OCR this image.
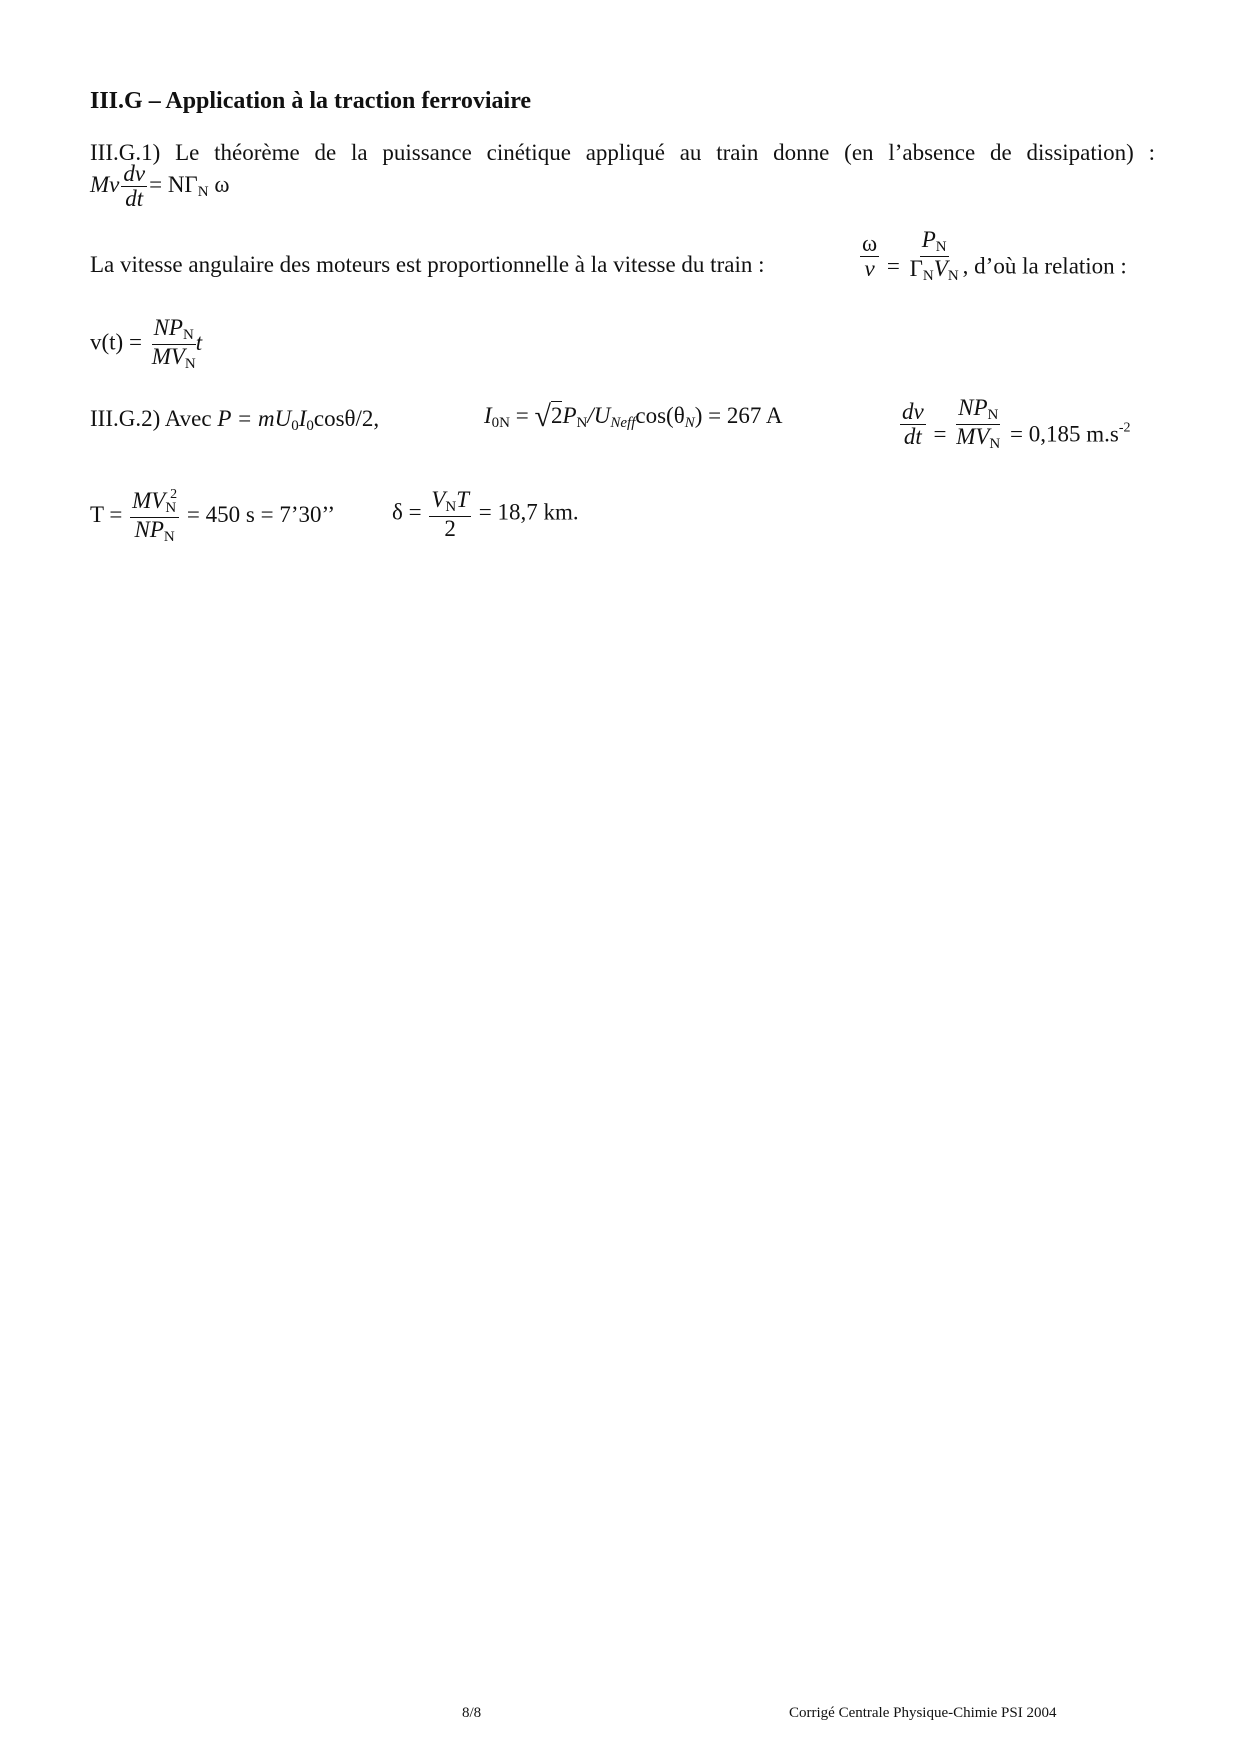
III.G – Application à la traction ferroviaire
III.G.1) Le théorème de la puissance cinétique appliqué au train donne (en l’absence de dissipation) :
Mv $\frac{dv}{dt} = N\Gamma_N$ ω
La vitesse angulaire des moteurs est proportionnelle à la vitesse du train :	$\frac{\omega}{v} = \frac{P_N}{\Gamma_NV_N}$ , d’où la relation :
$v(t) = \frac{NP_N}{MV_N}$
t
III.G.2) Avec $P = mU_0I_0\cos\theta/2$,	$I_{0N} = √2P_N/U_{Neff}\cos(\theta_N) = 267$ A	$\frac{dv}{dt} = \frac{NP_N}{MV_N} = 0,185$ $m.s^{-2}$
$T = \frac{MV_N^2}{NP_N} = 450$ s = 7’30’’ $\delta = \frac{V_NT}{2} = 18,7$ km.
8/8	Corrigé Centrale Physique-Chimie PSI 2004
